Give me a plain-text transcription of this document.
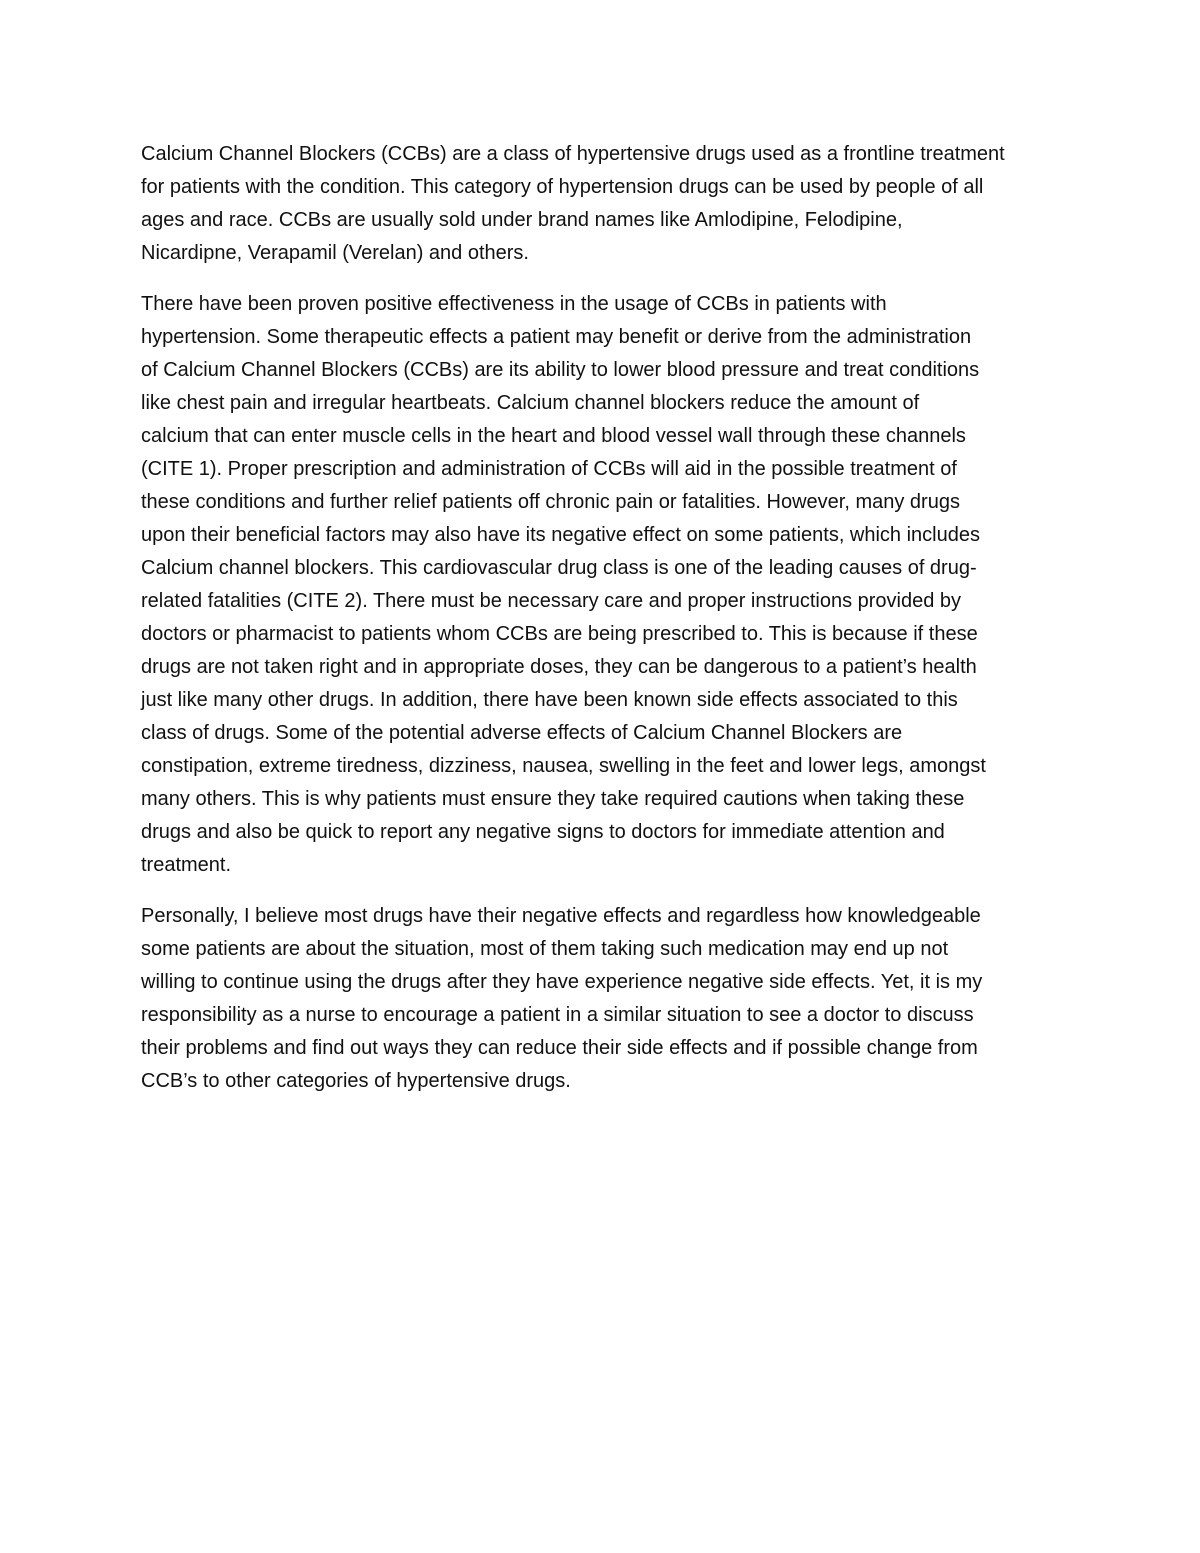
Calcium Channel Blockers (CCBs) are a class of hypertensive drugs used as a frontline treatment
for patients with the condition. This category of hypertension drugs can be used by people of all
ages and race. CCBs are usually sold under brand names like Amlodipine, Felodipine,
Nicardipne, Verapamil (Verelan) and others.

There have been proven positive effectiveness in the usage of CCBs in patients with
hypertension. Some therapeutic effects a patient may benefit or derive from the administration
of Calcium Channel Blockers (CCBs) are its ability to lower blood pressure and treat conditions
like chest pain and irregular heartbeats. Calcium channel blockers reduce the amount of
calcium that can enter muscle cells in the heart and blood vessel wall through these channels
(CITE 1). Proper prescription and administration of CCBs will aid in the possible treatment of
these conditions and further relief patients off chronic pain or fatalities. However, many drugs
upon their beneficial factors may also have its negative effect on some patients, which includes
Calcium channel blockers. This cardiovascular drug class is one of the leading causes of drug-
related fatalities (CITE 2). There must be necessary care and proper instructions provided by
doctors or pharmacist to patients whom CCBs are being prescribed to. This is because if these
drugs are not taken right and in appropriate doses, they can be dangerous to a patient’s health
just like many other drugs. In addition, there have been known side effects associated to this
class of drugs. Some of the potential adverse effects of Calcium Channel Blockers are
constipation, extreme tiredness, dizziness, nausea, swelling in the feet and lower legs, amongst
many others. This is why patients must ensure they take required cautions when taking these
drugs and also be quick to report any negative signs to doctors for immediate attention and
treatment.

Personally, I believe most drugs have their negative effects and regardless how knowledgeable
some patients are about the situation, most of them taking such medication may end up not
willing to continue using the drugs after they have experience negative side effects. Yet, it is my
responsibility as a nurse to encourage a patient in a similar situation to see a doctor to discuss
their problems and find out ways they can reduce their side effects and if possible change from
CCB’s to other categories of hypertensive drugs.
